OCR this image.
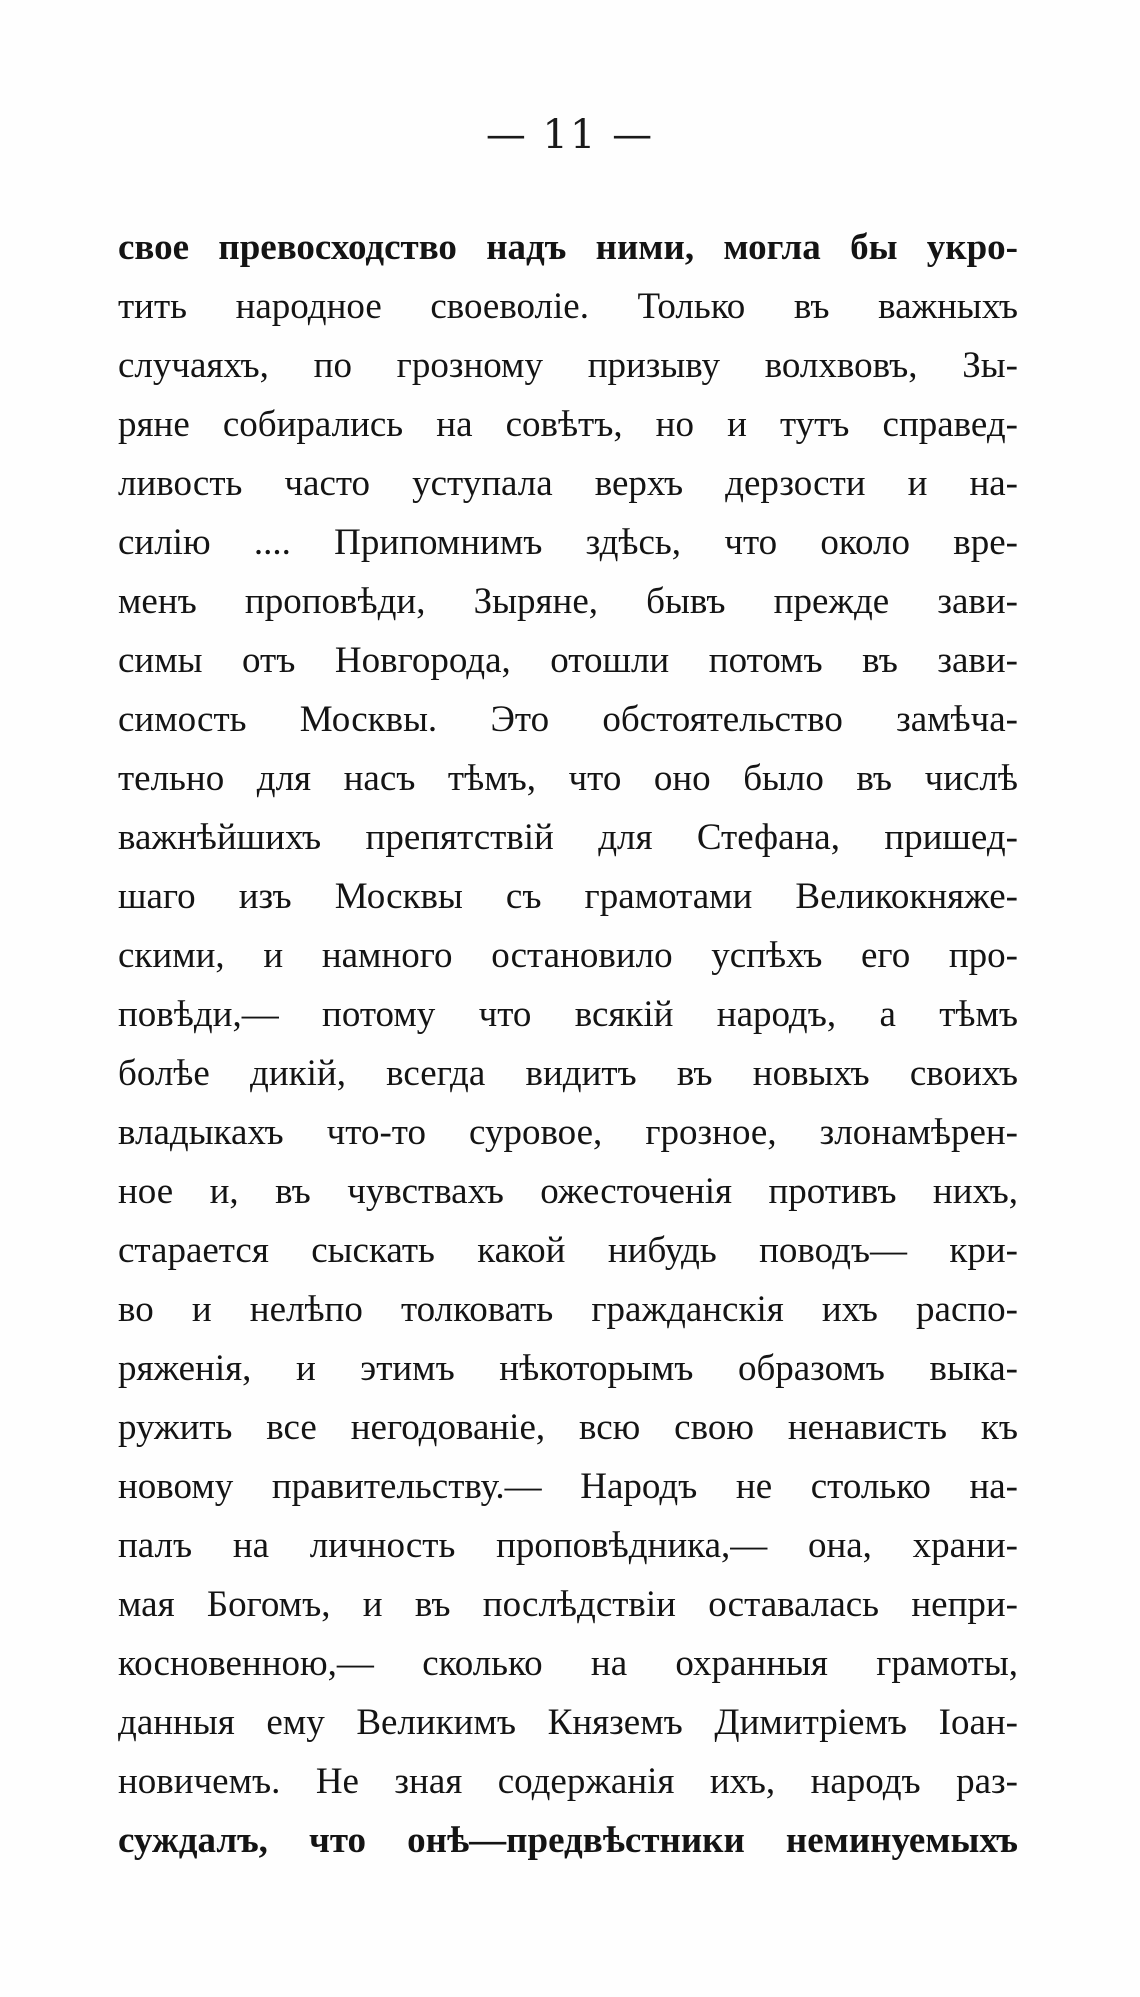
— 11 —
свое превосходство надъ ними, могла бы укро-
тить народное своеволіе. Только въ важныхъ
случаяхъ, по грозному призыву волхвовъ, Зы-
ряне собирались на совѣтъ, но и тутъ справед-
ливость часто уступала верхъ дерзости и на-
силію .... Припомнимъ здѣсь, что около вре-
менъ проповѣди, Зыряне, бывъ прежде зави-
симы отъ Новгорода, отошли потомъ въ зави-
симость Москвы. Это обстоятельство замѣча-
тельно для насъ тѣмъ, что оно было въ числѣ
важнѣйшихъ препятствій для Стефана, пришед-
шаго изъ Москвы съ грамотами Великокняже-
скими, и намного остановило успѣхъ его про-
повѣди,— потому что всякій народъ, а тѣмъ
болѣе дикій, всегда видитъ въ новыхъ своихъ
владыкахъ что-то суровое, грозное, злонамѣрен-
ное и, въ чувствахъ ожесточенія противъ нихъ,
старается сыскать какой нибудь поводъ— кри-
во и нелѣпо толковать гражданскія ихъ распо-
ряженія, и этимъ нѣкоторымъ образомъ выка-
ружить все негодованіе, всю свою ненависть къ
новому правительству.— Народъ не столько на-
палъ на личность проповѣдника,— она, храни-
мая Богомъ, и въ послѣдствіи оставалась непри-
косновенною,— сколько на охранныя грамоты,
данныя ему Великимъ Княземъ Димитріемъ Іоан-
новичемъ. Не зная содержанія ихъ, народъ раз-
суждалъ, что онѣ—предвѣстники неминуемыхъ
